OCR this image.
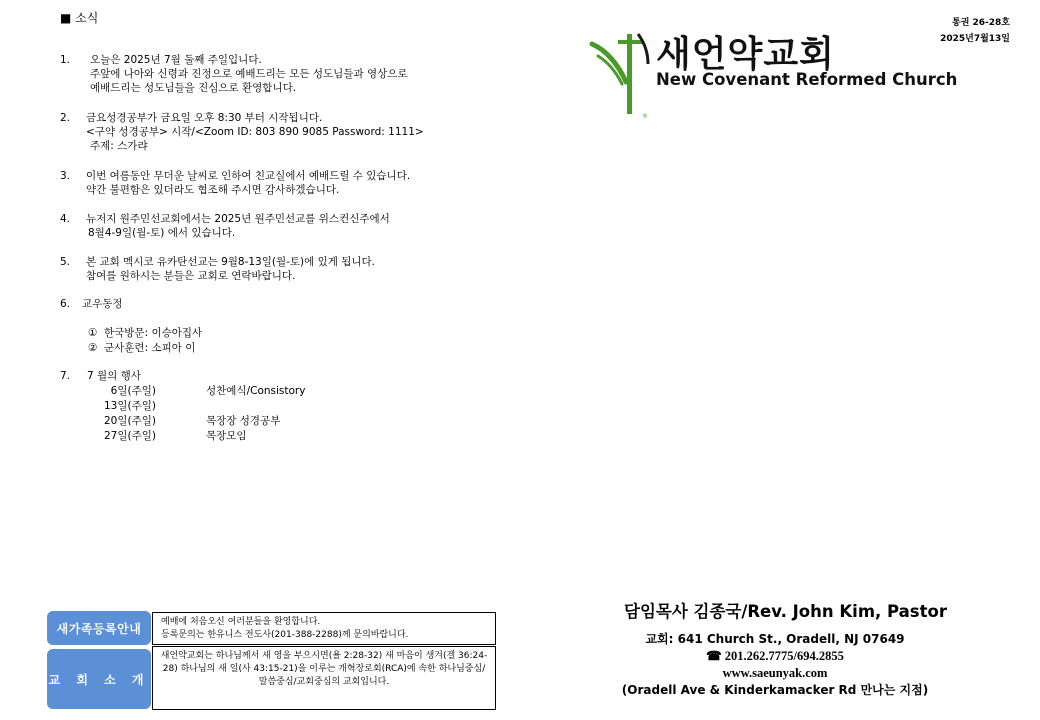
■ 소식
1.	오늘은 2025년 7월 둘째 주일입니다.
주앞에 나아와 신령과 진정으로 예배드리는 모든 성도님들과 영상으로
예배드리는 성도님들을 진심으로 환영합니다.
2.	금요성경공부가 금요일 오후 8:30 부터 시작됩니다.
<구약 성경공부> 시작/<Zoom ID: 803 890 9085 Password: 1111>
주제: 스가랴
3.	이번 여름동안 무더운 날씨로 인하여 친교실에서 예배드릴 수 있습니다.
약간 불편함은 있더라도 협조해 주시면 감사하겠습니다.
4.	뉴저지 원주민선교회에서는 2025년 원주민선교를 위스컨신주에서
8월4-9일(월-토) 에서 있습니다.
5.	본 교회 멕시코 유카탄선교는 9월8-13일(월-토)에 있게 됩니다.
참여를 원하시는 분들은 교회로 연락바랍니다.
6.	교우동정
① 한국방문: 이승아집사
② 군사훈련: 소피아 이
7.	7 월의 행사
6일(주일)	성찬예식/Consistory
13일(주일)
20일(주일)	목장장 성경공부
27일(주일)	목장모임
통권 26-28호
2025년7월13일
®
새언약교회
New Covenant Reformed Church
담임목사 김종국/Rev. John Kim, Pastor
교회: 641 Church St., Oradell, NJ 07649
☎ 201.262.7775/694.2855
www.saeunyak.com
(Oradell Ave & Kinderkamacker Rd 만나는 지점)
새가족등록안내	예배에 처음오신 여러분들을 환영합니다.
등록문의는 한유니스 전도사(201-388-2288)께 문의바랍니다.
교 회 소 개
새언약교회는 하나님께서 새 영을 부으시면(욜 2:28-32) 새 마음이 생겨(겔 36:24-28) 하나님의 새 일(사 43:15-21)을 이루는 개혁장로회(RCA)에 속한 하나님중심/말씀중심/교회중심의 교회입니다.
